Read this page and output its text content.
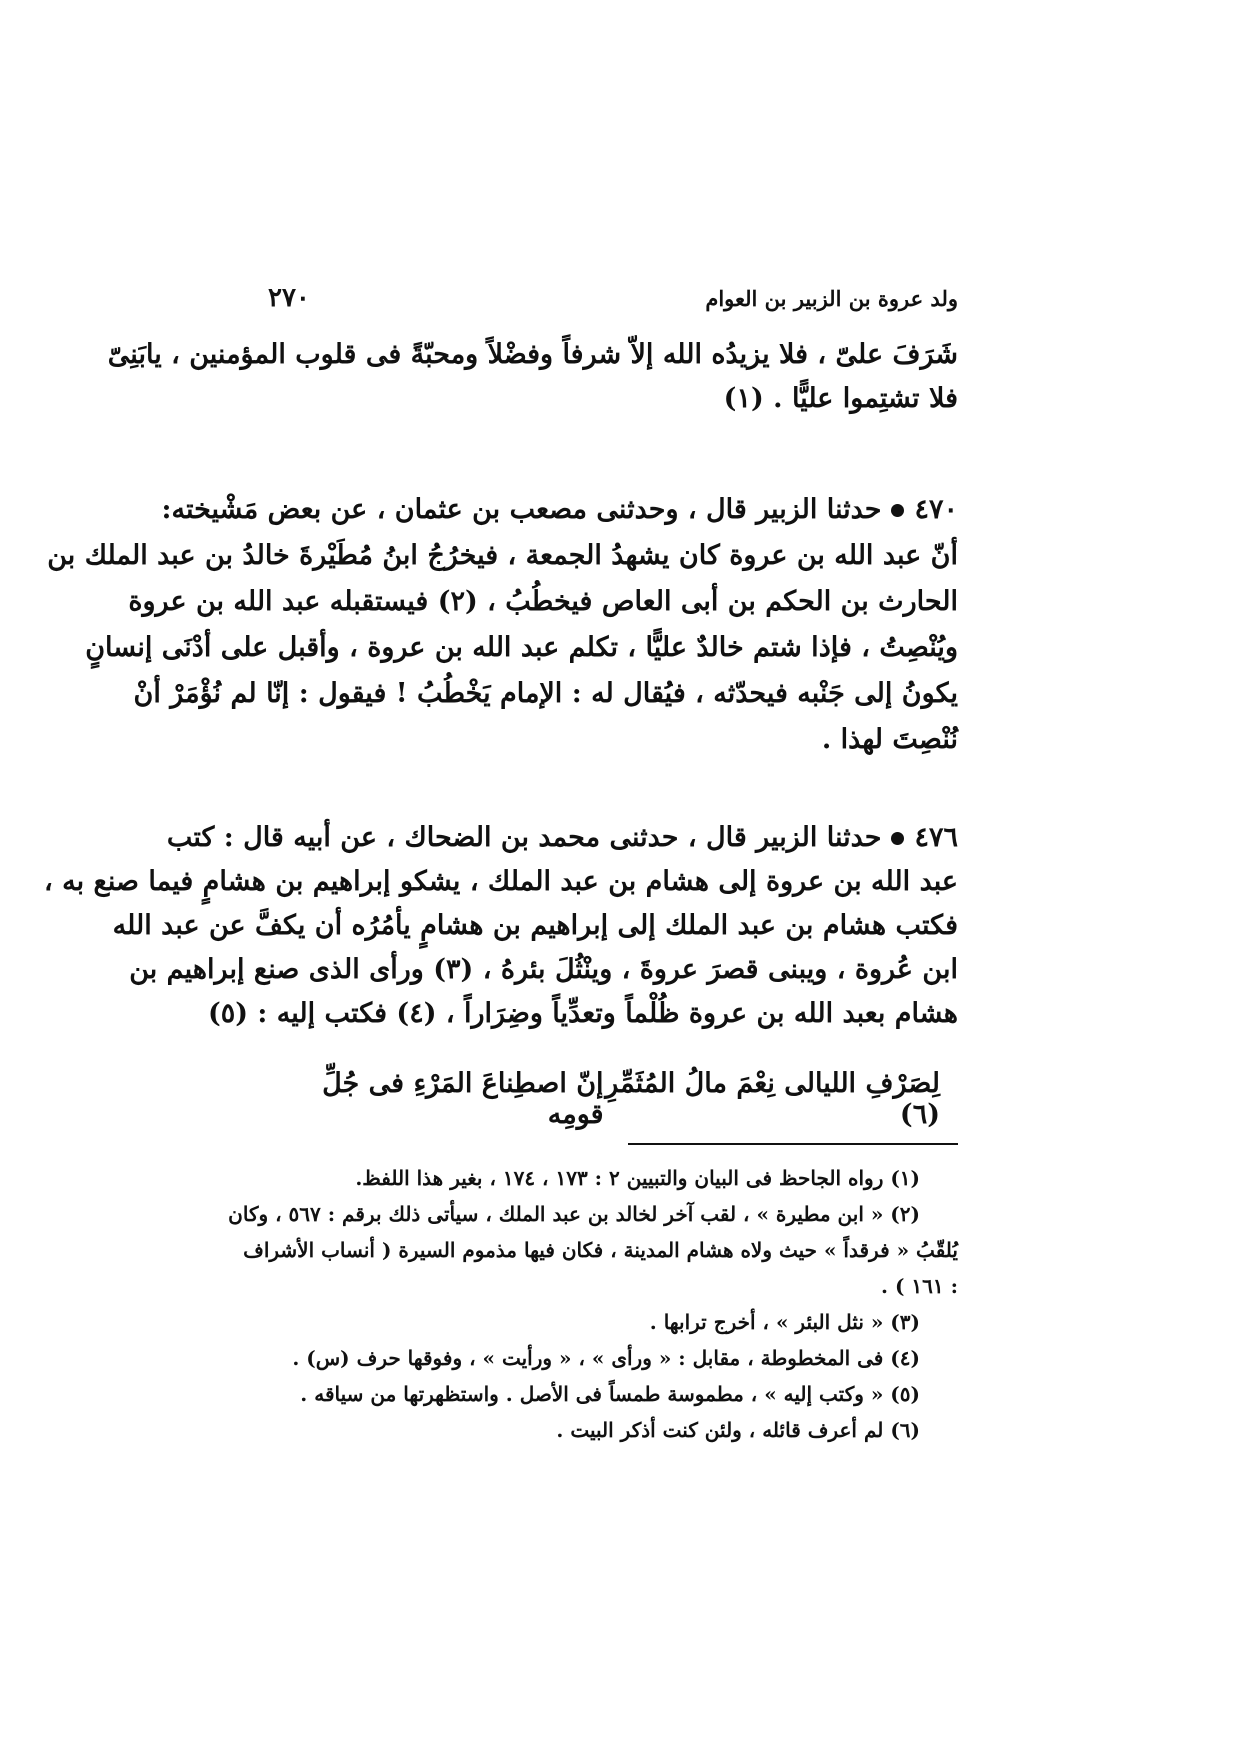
٢٧٠	ولد عروة بن الزبير بن العوام
شَرَفَ علىّ ، فلا يزيدُه الله إلاّ شرفاً وفضْلاً ومحبّةً فى قلوب المؤمنين ، يابَنِىّ
فلا تشتِموا عليًّا . (١)
٤٧٠حدثنا الزبير قال ، وحدثنى مصعب بن عثمان ، عن بعض مَشْيخته:
أنّ عبد الله بن عروة كان يشهدُ الجمعة ، فيخرُجُ ابنُ مُطَيْرةَ خالدُ بن عبد الملك بن
الحارث بن الحكم بن أبى العاص فيخطُبُ ، (٢) فيستقبله عبد الله بن عروة
ويُنْصِتُ ، فإذا شتم خالدٌ عليًّا ، تكلم عبد الله بن عروة ، وأقبل على أدْنَى إنسانٍ
يكونُ إلى جَنْبه فيحدّثه ، فيُقال له : الإمام يَخْطُبُ ! فيقول : إنّا لم نُؤْمَرْ أنْ
نُنْصِتَ لهذا .
٤٧٦حدثنا الزبير قال ، حدثنى محمد بن الضحاك ، عن أبيه قال : كتب
عبد الله بن عروة إلى هشام بن عبد الملك ، يشكو إبراهيم بن هشامٍ فيما صنع به ،
فكتب هشام بن عبد الملك إلى إبراهيم بن هشامٍ يأمُرُه أن يكفَّ عن عبد الله
ابن عُروة ، ويبنى قصرَ عروةَ ، وينْثُلَ بئرهُ ، (٣) ورأى الذى صنع إبراهيم بن
هشام بعبد الله بن عروة ظُلْماً وتعدِّياً وضِرَاراً ، (٤) فكتب إليه : (٥)
إنّ اصطِناعَ المَرْءِ فى جُلِّ قومِه
لِصَرْفِ الليالى نِعْمَ مالُ المُثَمِّرِ (٦)
(١) رواه الجاحظ فى البيان والتبيين ٢ : ١٧٣ ، ١٧٤ ، بغير هذا اللفظ.
(٢) « ابن مطيرة » ، لقب آخر لخالد بن عبد الملك ، سيأتى ذلك برقم : ٥٦٧ ، وكان
يُلقّبُ « فرقداً » حيث ولاه هشام المدينة ، فكان فيها مذموم السيرة ( أنساب الأشراف
: ١٦١ ) .
(٣) « نثل البئر » ، أخرج ترابها .
(٤) فى المخطوطة ، مقابل : « ورأى » ، « ورأيت » ، وفوقها حرف (س) .
(٥) « وكتب إليه » ، مطموسة طمساً فى الأصل . واستظهرتها من سياقه .
(٦) لم أعرف قائله ، ولئن كنت أذكر البيت .
